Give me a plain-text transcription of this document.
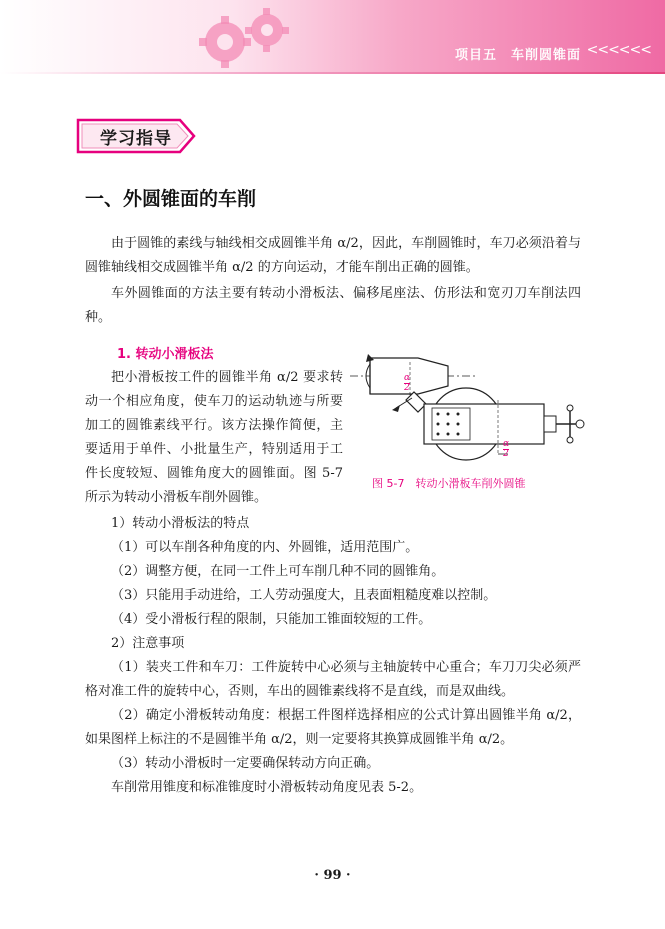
项目五　车削圆锥面 <<<<<<
学习指导
一、外圆锥面的车削

由于圆锥的素线与轴线相交成圆锥半角 α/2，因此，车削圆锥时，车刀必须沿着与圆锥轴线相交成圆锥半角 α/2 的方向运动，才能车削出正确的圆锥。

车外圆锥面的方法主要有转动小滑板法、偏移尾座法、仿形法和宽刃刀车削法四种。

1. 转动小滑板法

把小滑板按工件的圆锥半角 α/2 要求转动一个相应角度，使车刀的运动轨迹与所要加工的圆锥素线平行。该方法操作简便，主要适用于单件、小批量生产，特别适用于工件长度较短、圆锥角度大的圆锥面。图 5-7 所示为转动小滑板车削外圆锥。

α
2
α
2
图 5-7　转动小滑板车削外圆锥

1）转动小滑板法的特点

（1）可以车削各种角度的内、外圆锥，适用范围广。

（2）调整方便，在同一工件上可车削几种不同的圆锥角。

（3）只能用手动进给，工人劳动强度大，且表面粗糙度难以控制。

（4）受小滑板行程的限制，只能加工锥面较短的工件。

2）注意事项

（1）装夹工件和车刀：工件旋转中心必须与主轴旋转中心重合；车刀刀尖必须严格对准工件的旋转中心，否则，车出的圆锥素线将不是直线，而是双曲线。

（2）确定小滑板转动角度：根据工件图样选择相应的公式计算出圆锥半角 α/2，如果图样上标注的不是圆锥半角 α/2，则一定要将其换算成圆锥半角 α/2。

（3）转动小滑板时一定要确保转动方向正确。

车削常用锥度和标准锥度时小滑板转动角度见表 5-2。

· 99 ·
